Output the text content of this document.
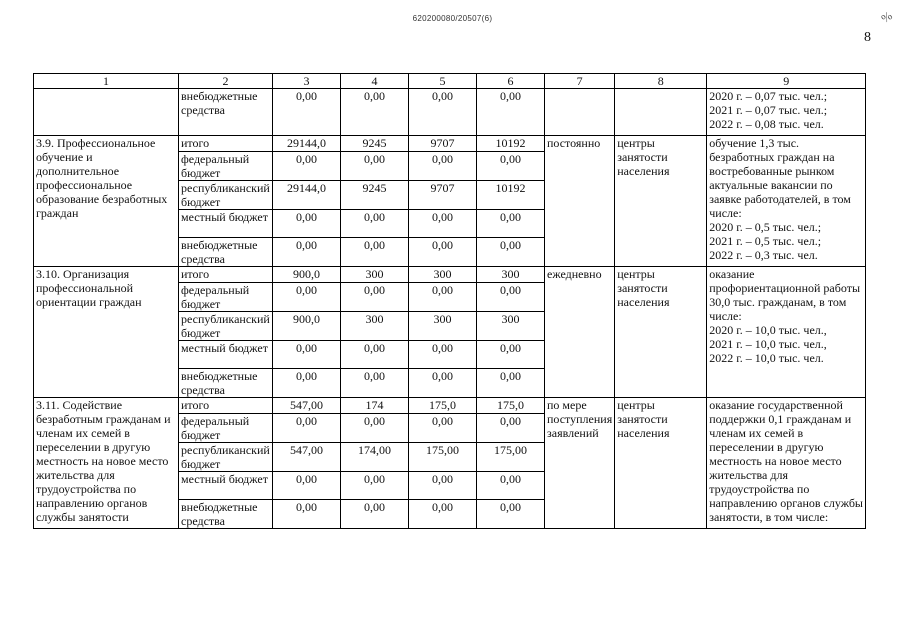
620200080/20507(6)	%
8
1	2	3	4	5	6	7	8	9
	внебюджетные средства	0,00	0,00	0,00	0,00			2020 г. – 0,07 тыс. чел.;
2021 г. – 0,07 тыс. чел.;
2022 г. – 0,08 тыс. чел.
3.9. Профессиональное обучение и дополнительное профессиональное образование безработных граждан	итого	29144,0	9245	9707	10192	постоянно	центры занятости населения	обучение 1,3 тыс. безработных граждан на востребованные рынком актуальные вакансии по заявке работодателей, в том числе:
2020 г. – 0,5 тыс. чел.;
2021 г. – 0,5 тыс. чел.;
2022 г. – 0,3 тыс. чел.
	федеральный бюджет	0,00	0,00	0,00	0,00			
	республиканский бюджет	29144,0	9245	9707	10192			
	местный бюджет	0,00	0,00	0,00	0,00			
	внебюджетные средства	0,00	0,00	0,00	0,00			
3.10. Организация профессиональной ориентации граждан	итого	900,0	300	300	300	ежедневно	центры занятости населения	оказание профориентационной работы 30,0 тыс. гражданам, в том числе:
2020 г. – 10,0 тыс. чел.,
2021 г. – 10,0 тыс. чел.,
2022 г. – 10,0 тыс. чел.
	федеральный бюджет	0,00	0,00	0,00	0,00			
	республиканский бюджет	900,0	300	300	300			
	местный бюджет	0,00	0,00	0,00	0,00			
	внебюджетные средства	0,00	0,00	0,00	0,00			
3.11. Содействие безработным гражданам и членам их семей в переселении в другую местность на новое место жительства для трудоустройства по направлению органов службы занятости	итого	547,00	174	175,0	175,0	по мере поступления заявлений	центры занятости населения	оказание государственной поддержки 0,1 гражданам и членам их семей в переселении в другую местность на новое место жительства для трудоустройства по направлению органов службы занятости, в том числе:
	федеральный бюджет	0,00	0,00	0,00	0,00			
	республиканский бюджет	547,00	174,00	175,00	175,00			
	местный бюджет	0,00	0,00	0,00	0,00			
	внебюджетные средства	0,00	0,00	0,00	0,00			
